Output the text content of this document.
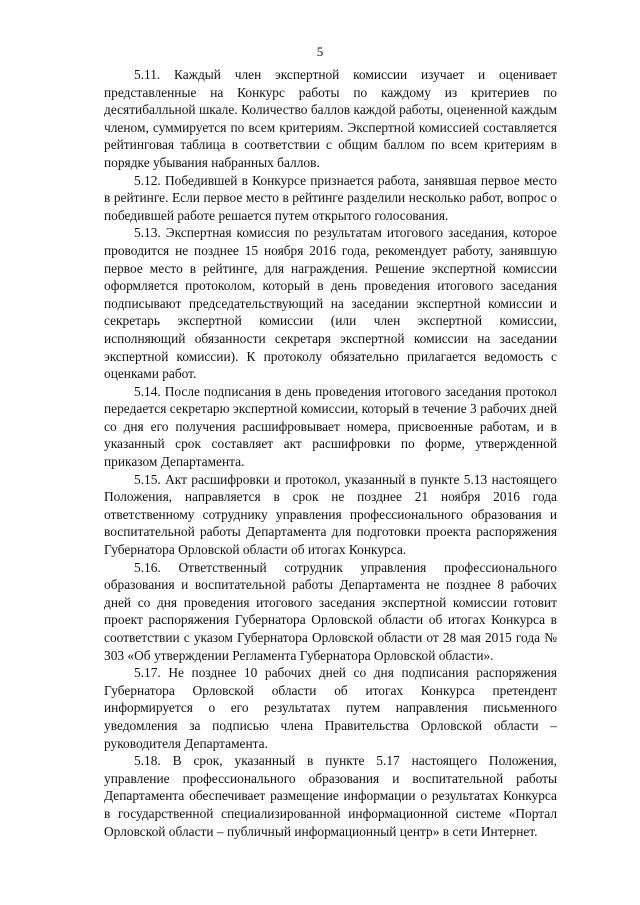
5

5.11. Каждый член экспертной комиссии изучает и оценивает представленные на Конкурс работы по каждому из критериев по десятибалльной шкале. Количество баллов каждой работы, оцененной каждым членом, суммируется по всем критериям. Экспертной комиссией составляется рейтинговая таблица в соответствии с общим баллом по всем критериям в порядке убывания набранных баллов.

5.12. Победившей в Конкурсе признается работа, занявшая первое место в рейтинге. Если первое место в рейтинге разделили несколько работ, вопрос о победившей работе решается путем открытого голосования.

5.13. Экспертная комиссия по результатам итогового заседания, которое проводится не позднее 15 ноября 2016 года, рекомендует работу, занявшую первое место в рейтинге, для награждения. Решение экспертной комиссии оформляется протоколом, который в день проведения итогового заседания подписывают председательствующий на заседании экспертной комиссии и секретарь экспертной комиссии (или член экспертной комиссии, исполняющий обязанности секретаря экспертной комиссии на заседании экспертной комиссии). К протоколу обязательно прилагается ведомость с оценками работ.

5.14. После подписания в день проведения итогового заседания протокол передается секретарю экспертной комиссии, который в течение 3 рабочих дней со дня его получения расшифровывает номера, присвоенные работам, и в указанный срок составляет акт расшифровки по форме, утвержденной приказом Департамента.

5.15. Акт расшифровки и протокол, указанный в пункте 5.13 настоящего Положения, направляется в срок не позднее 21 ноября 2016 года ответственному сотруднику управления профессионального образования и воспитательной работы Департамента для подготовки проекта распоряжения Губернатора Орловской области об итогах Конкурса.

5.16. Ответственный сотрудник управления профессионального образования и воспитательной работы Департамента не позднее 8 рабочих дней со дня проведения итогового заседания экспертной комиссии готовит проект распоряжения Губернатора Орловской области об итогах Конкурса в соответствии с указом Губернатора Орловской области от 28 мая 2015 года № 303 «Об утверждении Регламента Губернатора Орловской области».

5.17. Не позднее 10 рабочих дней со дня подписания распоряжения Губернатора Орловской области об итогах Конкурса претендент информируется о его результатах путем направления письменного уведомления за подписью члена Правительства Орловской области – руководителя Департамента.

5.18. В срок, указанный в пункте 5.17 настоящего Положения, управление профессионального образования и воспитательной работы Департамента обеспечивает размещение информации о результатах Конкурса в государственной специализированной информационной системе «Портал Орловской области – публичный информационный центр» в сети Интернет.
